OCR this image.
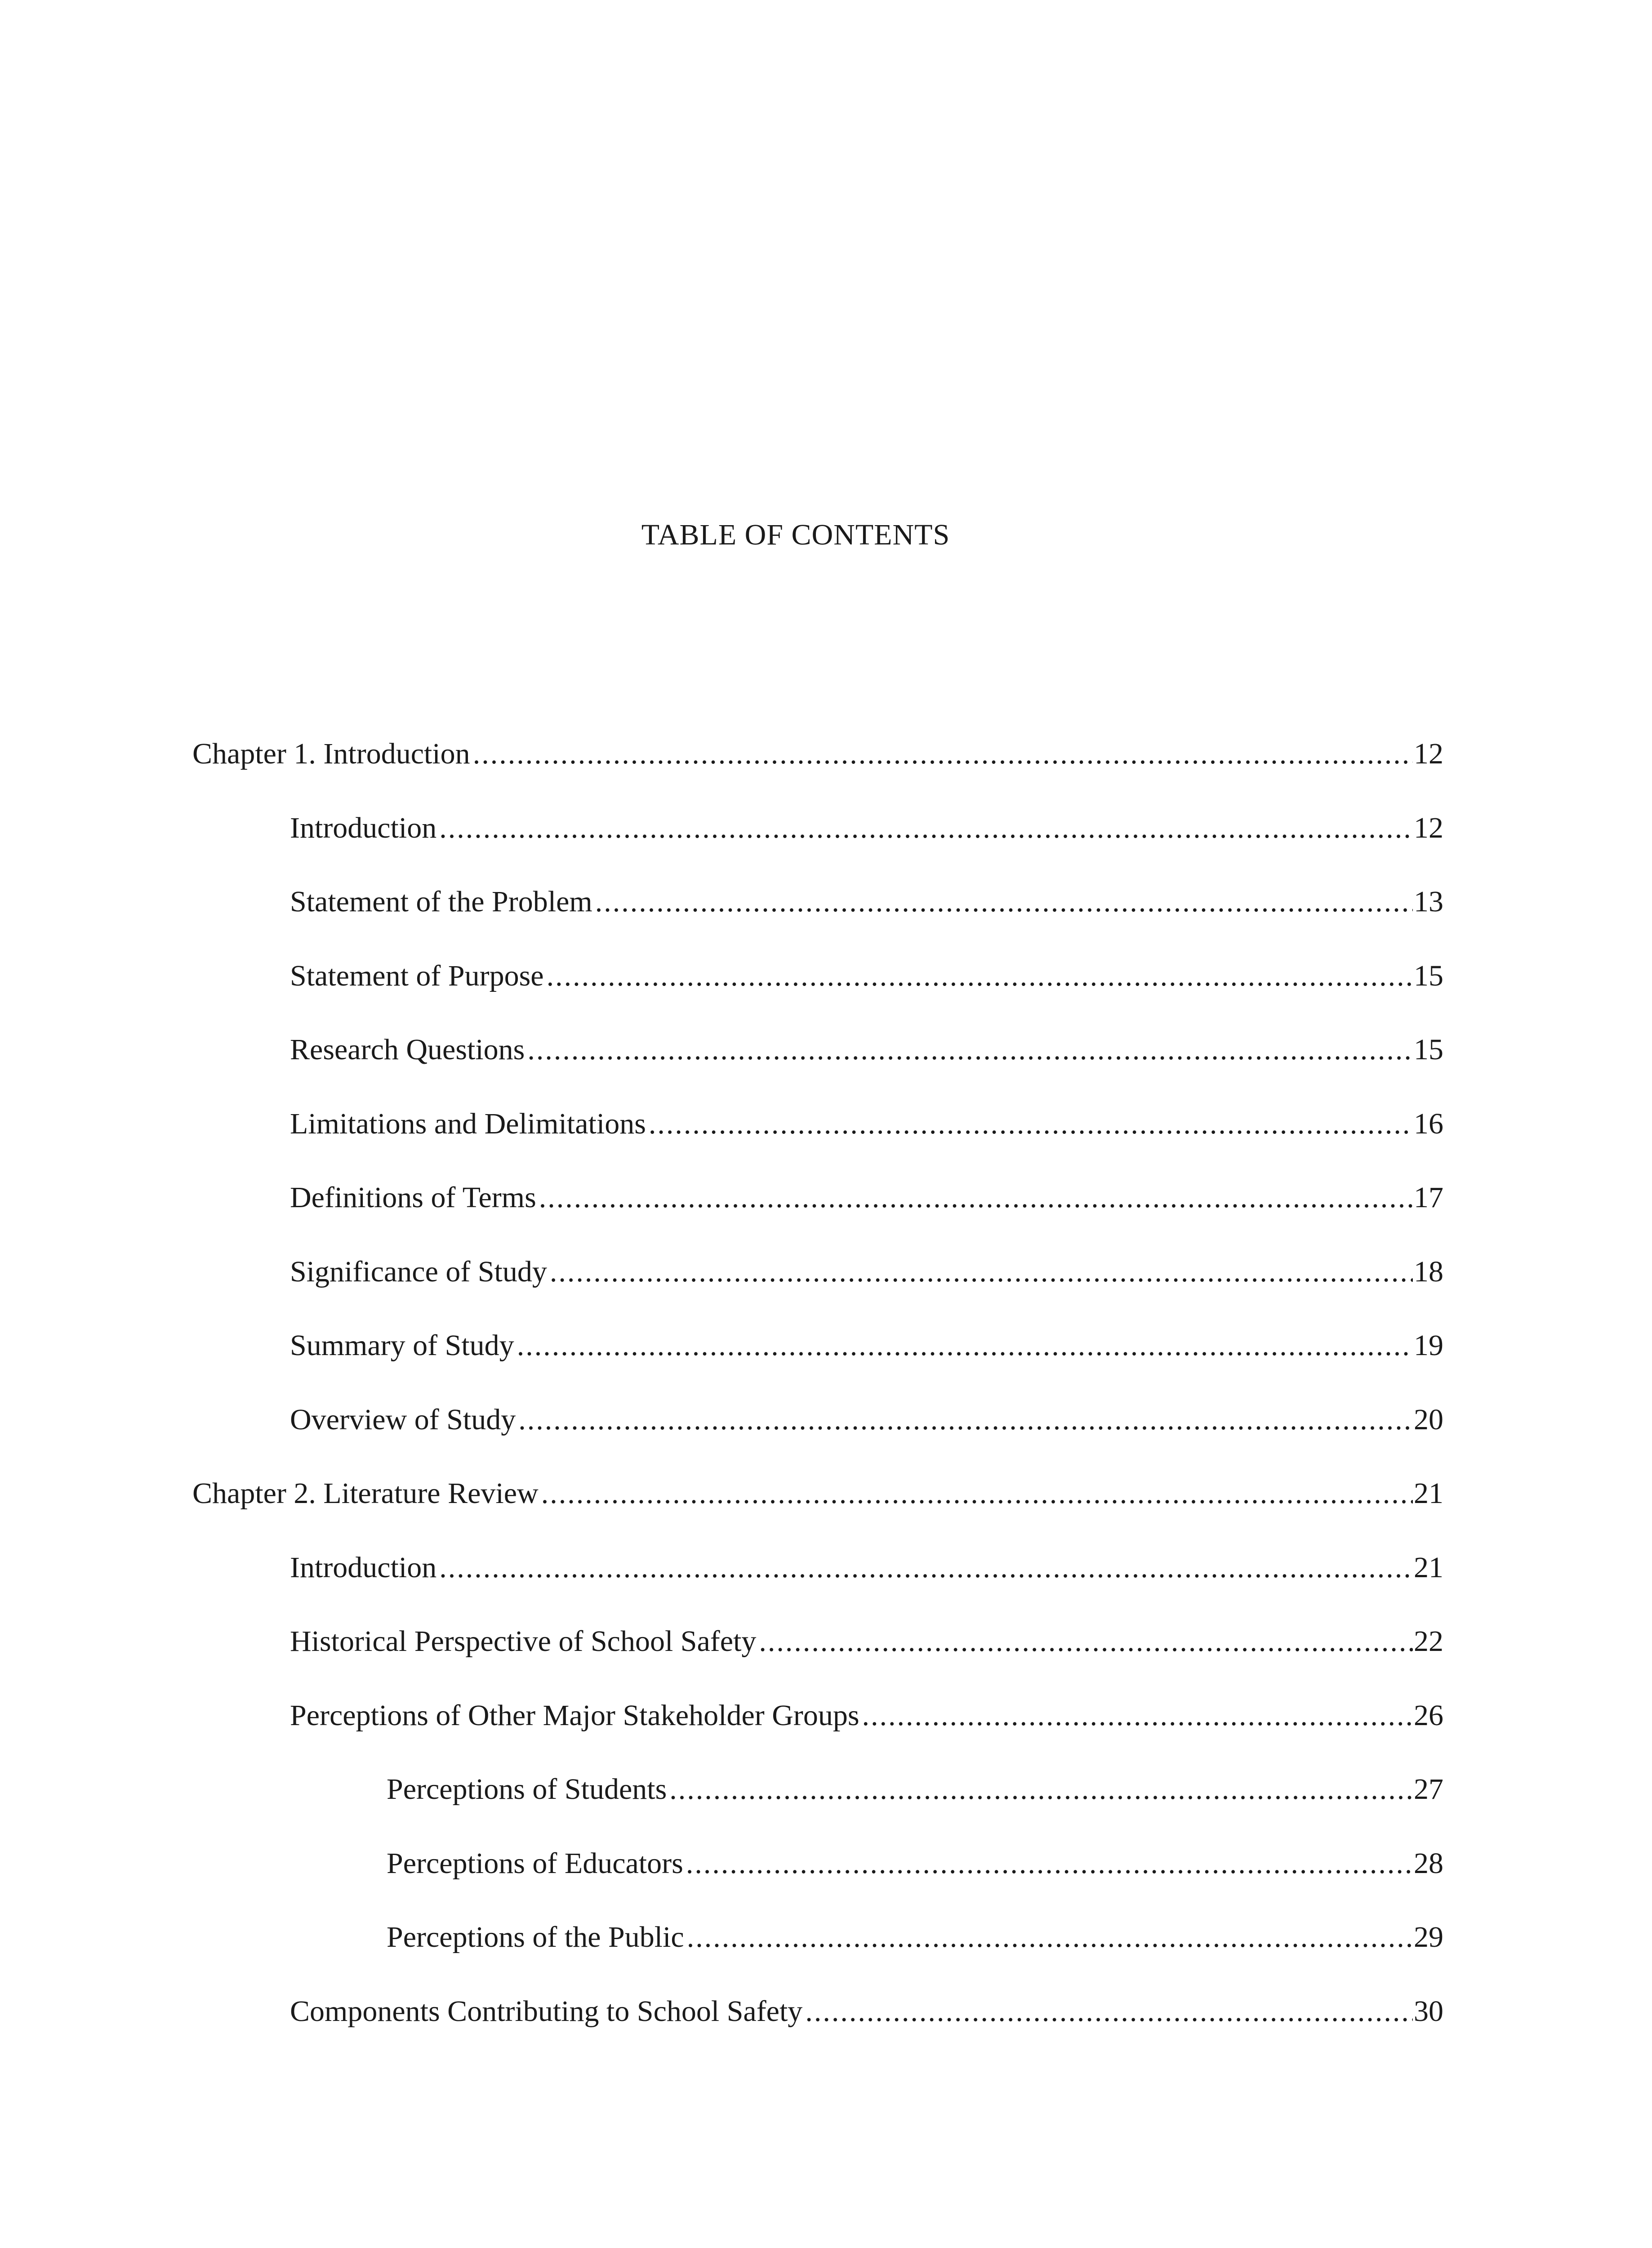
TABLE OF CONTENTS
Chapter 1. Introduction .....	12
Introduction .....	12
Statement of the Problem .....	13
Statement of Purpose .....	15
Research Questions .....	15
Limitations and Delimitations .....	16
Definitions of Terms .....	17
Significance of Study .....	18
Summary of Study .....	19
Overview of Study .....	20
Chapter 2. Literature Review .....	21
Introduction .....	21
Historical Perspective of School Safety .....	22
Perceptions of Other Major Stakeholder Groups .....	26
Perceptions of Students .....	27
Perceptions of Educators .....	28
Perceptions of the Public .....	29
Components Contributing to School Safety .....	30
